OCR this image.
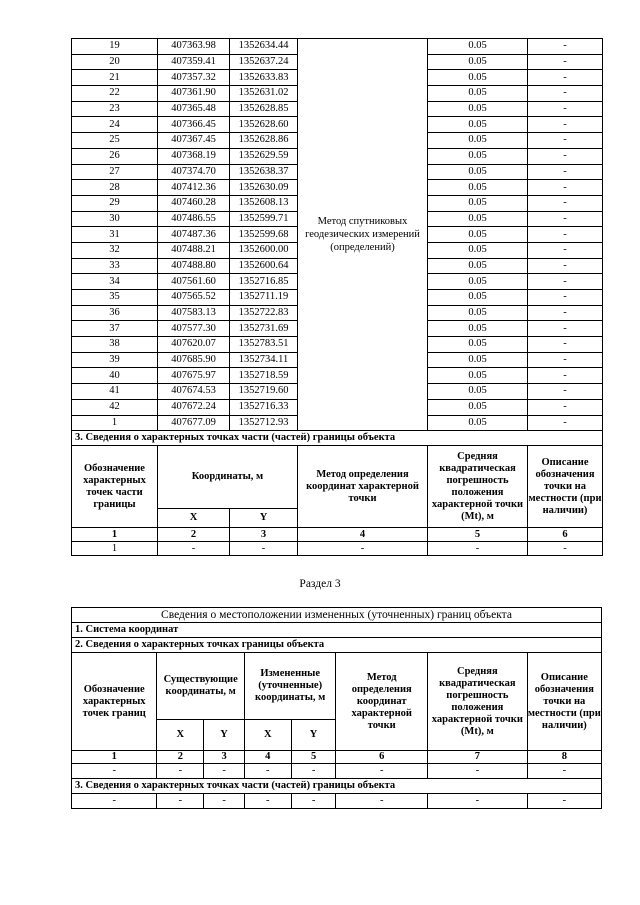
19	407363.98	1352634.44	Метод спутниковых геодезических измерений (определений)	0.05	-
20	407359.41	1352637.24		0.05	-
21	407357.32	1352633.83		0.05	-
22	407361.90	1352631.02		0.05	-
23	407365.48	1352628.85		0.05	-
24	407366.45	1352628.60		0.05	-
25	407367.45	1352628.86		0.05	-
26	407368.19	1352629.59		0.05	-
27	407374.70	1352638.37		0.05	-
28	407412.36	1352630.09		0.05	-
29	407460.28	1352608.13		0.05	-
30	407486.55	1352599.71		0.05	-
31	407487.36	1352599.68		0.05	-
32	407488.21	1352600.00		0.05	-
33	407488.80	1352600.64		0.05	-
34	407561.60	1352716.85		0.05	-
35	407565.52	1352711.19		0.05	-
36	407583.13	1352722.83		0.05	-
37	407577.30	1352731.69		0.05	-
38	407620.07	1352783.51		0.05	-
39	407685.90	1352734.11		0.05	-
40	407675.97	1352718.59		0.05	-
41	407674.53	1352719.60		0.05	-
42	407672.24	1352716.33		0.05	-
1	407677.09	1352712.93		0.05	-
3. Сведения о характерных точках части (частей) границы объекта					
Обозначение характерных точек части границы	Координаты, м		Метод определения координат характерной точки	Средняя квадратическая погрешность положения характерной точки (Mt), м	Описание обозначения точки на местности (при наличии)
	X	Y			
1	2	3	4	5	6
1	-	-	-	-	-
Раздел 3
Сведения о местоположении измененных (уточненных) границ объекта							
1. Система координат							
2. Сведения о характерных точках границы объекта							
Обозначение характерных точек границ	Существующие координаты, м		Измененные (уточненные) координаты, м		Метод определения координат характерной точки	Средняя квадратическая погрешность положения характерной точки (Mt), м	Описание обозначения точки на местности (при наличии)
	X	Y	X	Y			
1	2	3	4	5	6	7	8
-	-	-	-	-	-	-	-
3. Сведения о характерных точках части (частей) границы объекта							
-	-	-	-	-	-	-	-
